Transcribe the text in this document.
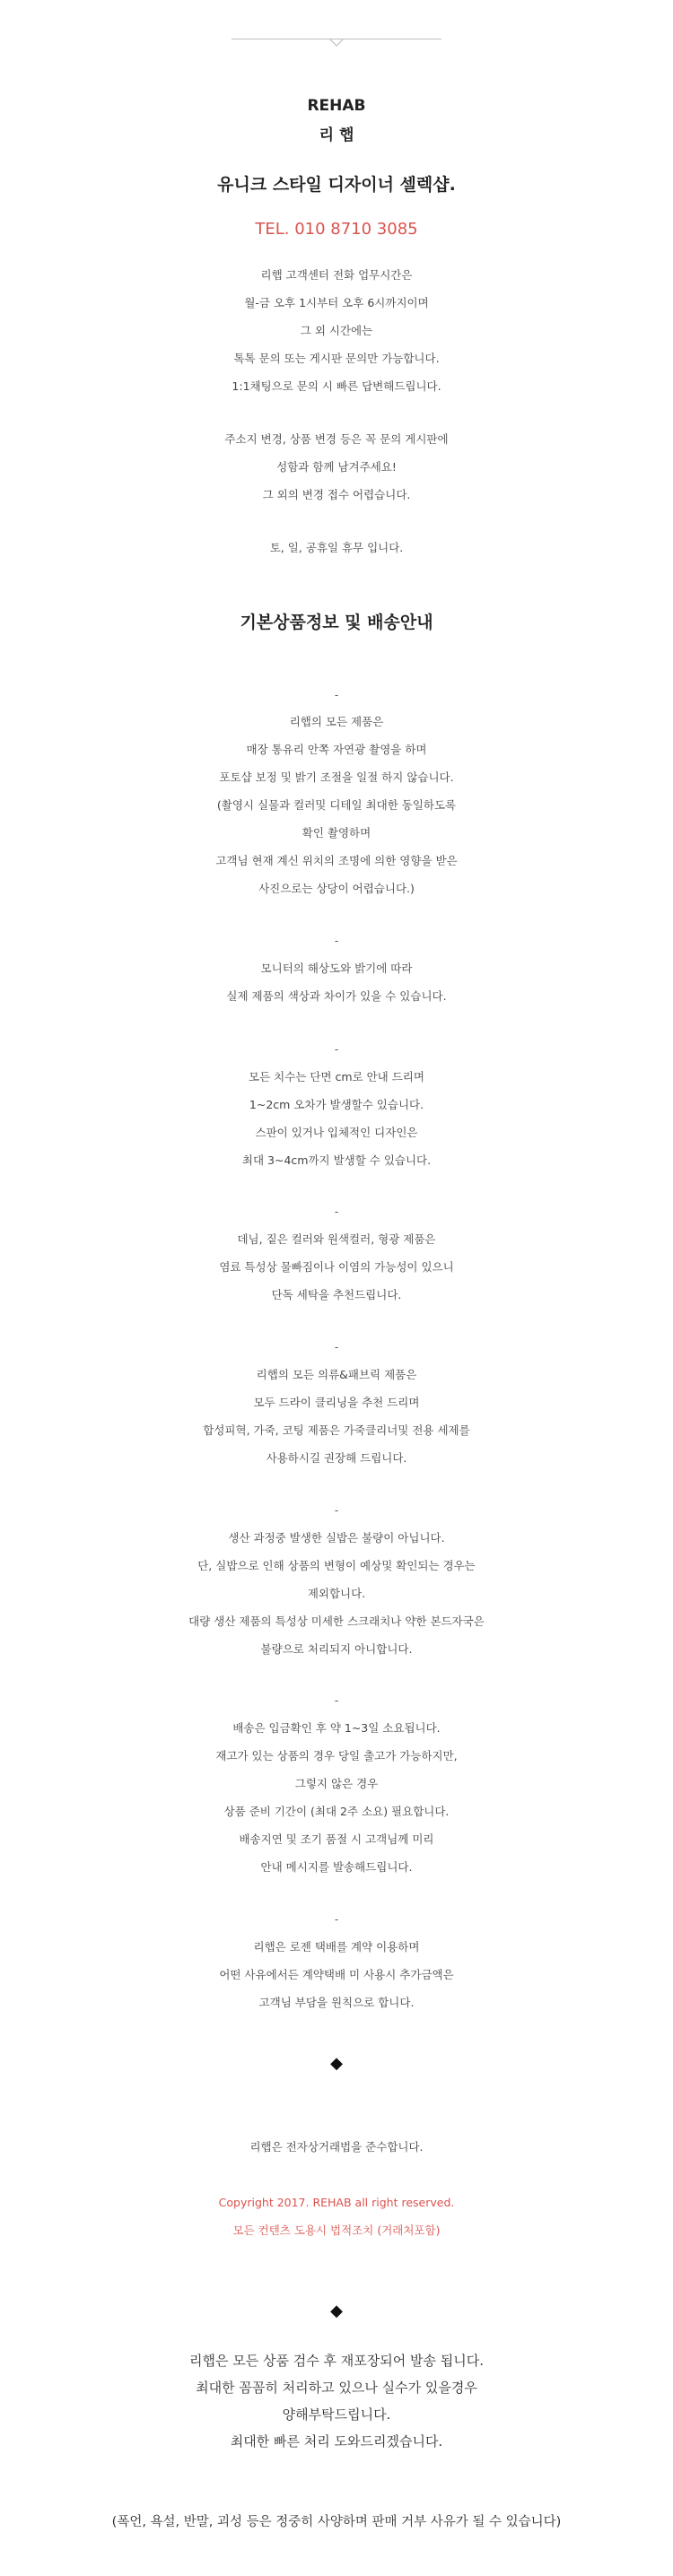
REHAB
리 햅
유니크 스타일 디자이너 셀렉샵.
TEL. 010 8710 3085
리햅 고객센터 전화 업무시간은
월-금 오후 1시부터 오후 6시까지이며
그 외 시간에는
톡톡 문의 또는 게시판 문의만 가능합니다.
1:1채팅으로 문의 시 빠른 답변해드립니다.
주소지 변경, 상품 변경 등은 꼭 문의 게시판에
성함과 함께 남겨주세요!
그 외의 변경 접수 어렵습니다.
토, 일, 공휴일 휴무 입니다.
기본상품정보 및 배송안내
-
리햅의 모든 제품은
매장 통유리 안쪽 자연광 촬영을 하며
포토샵 보정 및 밝기 조절을 일절 하지 않습니다.
(촬영시 실물과 컬러및 디테일 최대한 동일하도록
확인 촬영하며
고객님 현재 계신 위치의 조명에 의한 영향을 받은
사진으로는 상당이 어렵습니다.)
-
모니터의 해상도와 밝기에 따라
실제 제품의 색상과 차이가 있을 수 있습니다.
-
모든 치수는 단면 cm로 안내 드리며
1~2cm 오차가 발생할수 있습니다.
스판이 있거나 입체적인 디자인은
최대 3~4cm까지 발생할 수 있습니다.
-
데님, 짙은 컬러와 원색컬러, 형광 제품은
염료 특성상 물빠짐이나 이염의 가능성이 있으니
단독 세탁을 추천드립니다.
-
리햅의 모든 의류&패브릭 제품은
모두 드라이 클리닝을 추천 드리며
합성피혁, 가죽, 코팅 제품은 가죽클리너및 전용 세제를
사용하시길 권장해 드립니다.
-
생산 과정중 발생한 실밥은 불량이 아닙니다.
단, 실밥으로 인해 상품의 변형이 예상및 확인되는 경우는
제외합니다.
대량 생산 제품의 특성상 미세한 스크래치나 약한 본드자국은
불량으로 처리되지 아니합니다.
-
배송은 입금확인 후 약 1~3일 소요됩니다.
재고가 있는 상품의 경우 당일 출고가 가능하지만,
그렇지 않은 경우
상품 준비 기간이 (최대 2주 소요) 필요합니다.
배송지연 및 조기 품절 시 고객님께 미리
안내 메시지를 발송해드립니다.
-
리햅은 로젠 택배를 계약 이용하며
어떤 사유에서든 계약택배 미 사용시 추가금액은
고객님 부담을 원칙으로 합니다.
◆
리햅은 전자상거래법을 준수합니다.
Copyright 2017. REHAB all right reserved.
모든 컨텐츠 도용시 법적조치 (거래처포함)
◆
리햅은 모든 상품 검수 후 재포장되어 발송 됩니다.
최대한 꼼꼼히 처리하고 있으나 실수가 있을경우
양해부탁드립니다.
최대한 빠른 처리 도와드리겠습니다.
(폭언, 욕설, 반말, 괴성 등은 정중히 사양하며 판매 거부 사유가 될 수 있습니다)
